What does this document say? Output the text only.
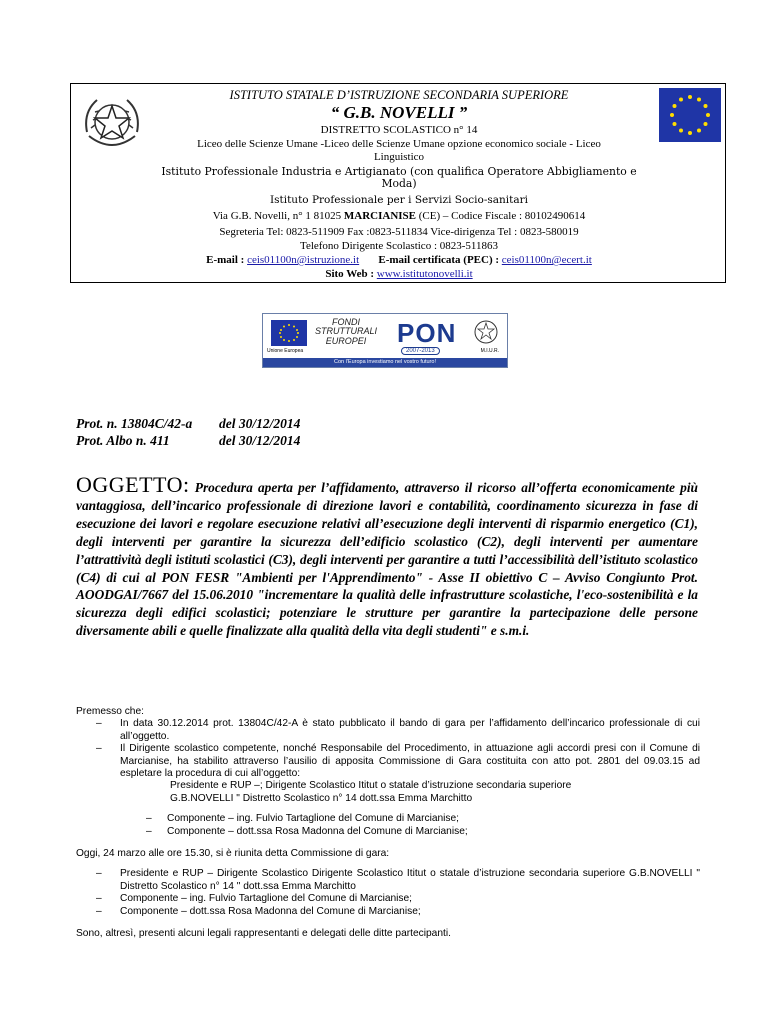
ISTITUTO STATALE D’ISTRUZIONE SECONDARIA SUPERIORE
“ G.B. NOVELLI ”
DISTRETTO SCOLASTICO n° 14
Liceo delle Scienze Umane -Liceo delle Scienze Umane opzione economico sociale - Liceo
Linguistico
Istituto Professionale Industria e Artigianato (con qualifica Operatore Abbigliamento e
Moda)
Istituto Professionale per i Servizi Socio-sanitari
Via G.B. Novelli, n° 1 81025 MARCIANISE (CE) – Codice Fiscale : 80102490614
Segreteria Tel: 0823-511909 Fax :0823-511834 Vice-dirigenza Tel : 0823-580019
Telefono Dirigente Scolastico : 0823-511863
E-mail : ceis01100n@istruzione.it E-mail certificata (PEC) : ceis01100n@ecert.it
Sito Web : www.istitutonovelli.it
Unione Europea
FONDI
STRUTTURALI
EUROPEI	PON
2007-2013	M.I.U.R.
Con l'Europa investiamo nel vostro futuro!
Prot. n. 13804C/42-a del 30/12/2014
Prot. Albo n. 411	del 30/12/2014
OGGETTO: Procedura aperta per l’affidamento, attraverso il ricorso all’offerta economicamente più vantaggiosa, dell’incarico professionale di direzione lavori e contabilità, coordinamento sicurezza in fase di esecuzione dei lavori e regolare esecuzione relativi all’esecuzione degli interventi di risparmio energetico (C1), degli interventi per garantire la sicurezza dell’edificio scolastico (C2), degli interventi per aumentare l’attrattività degli istituti scolastici (C3), degli interventi per garantire a tutti l’accessibilità dell’istituto scolastico (C4) di cui al PON FESR "Ambienti per l'Apprendimento" - Asse II obiettivo C – Avviso Congiunto Prot. AOODGAI/7667 del 15.06.2010 "incrementare la qualità delle infrastrutture scolastiche, l'eco-sostenibilità e la sicurezza degli edifici scolastici; potenziare le strutture per garantire la partecipazione delle persone diversamente abili e quelle finalizzate alla qualità della vita degli studenti" e s.m.i.

Premesso che:

– In data 30.12.2014 prot. 13804C/42-A è stato pubblicato il bando di gara per l’affidamento dell’incarico professionale di cui all’oggetto.

– Il Dirigente scolastico competente, nonché Responsabile del Procedimento, in attuazione agli accordi presi con il Comune di Marcianise, ha stabilito attraverso l’ausilio di apposita Commissione di Gara costituita con atto pot. 2801 del 09.03.15 ad espletare la procedura di cui all’oggetto:

Presidente e RUP –; Dirigente Scolastico Ititut o statale d’istruzione secondaria superiore

G.B.NOVELLI " Distretto Scolastico n° 14 dott.ssa Emma Marchitto

– Componente – ing. Fulvio Tartaglione del Comune di Marcianise;

– Componente – dott.ssa Rosa Madonna del Comune di Marcianise;

Oggi, 24 marzo alle ore 15.30, si è riunita detta Commissione di gara:

– Presidente e RUP – Dirigente Scolastico Dirigente Scolastico Ititut o statale d’istruzione secondaria superiore G.B.NOVELLI " Distretto Scolastico n° 14 " dott.ssa Emma Marchitto

– Componente – ing. Fulvio Tartaglione del Comune di Marcianise;

– Componente – dott.ssa Rosa Madonna del Comune di Marcianise;

Sono, altresì, presenti alcuni legali rappresentanti e delegati delle ditte partecipanti.
